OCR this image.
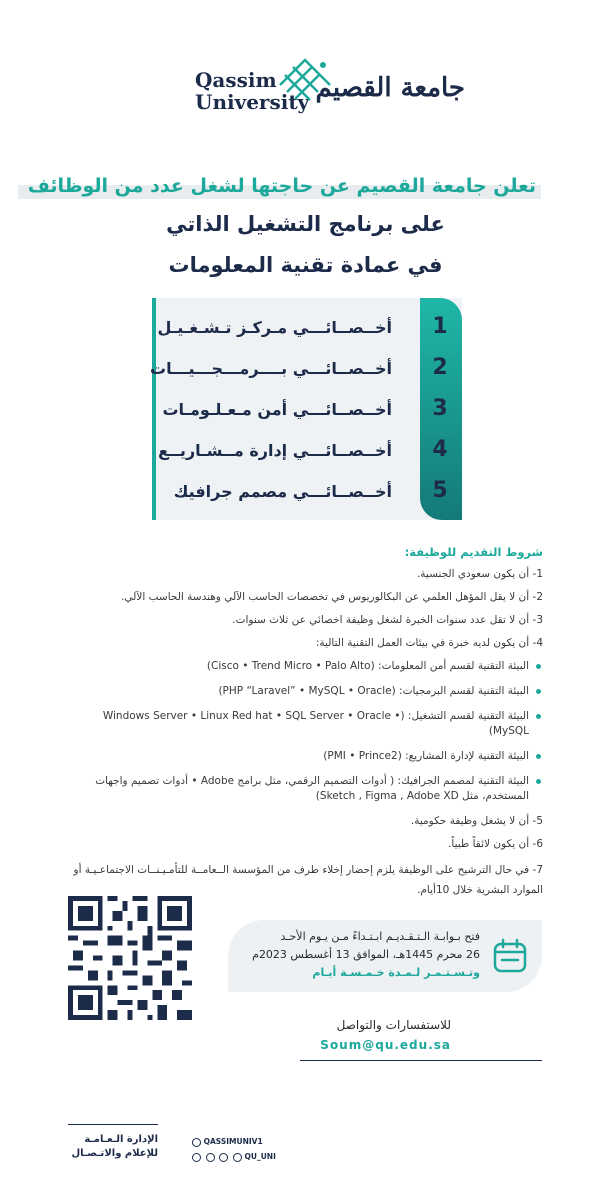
Qassim
University جامعة القصيم
تعلن جامعة القصيم عن حاجتها لشغل عدد من الوظائف
على برنامج التشغيل الذاتي
في عمادة تقنية المعلومات
1
أخــصــائـــي مـركـز تـشـغـيـل
2
أخــصــائـــي بــــرمـــجـــيـــات
3
أخــصــائـــي أمن مـعـلـومـات
4
أخــصــائـــي إدارة مــشـاريــع
5
أخــصــائـــي مصمم جرافيك
شروط التقديم للوظيفة:
1- أن يكون سعودي الجنسية.
2- أن لا يقل المؤهل العلمي عن البكالوريوس في تخصصات الحاسب الآلي وهندسة الحاسب الآلي.
3- أن لا تقل عدد سنوات الخبرة لشغل وظيفة اخصائي عن ثلاث سنوات.
4- أن يكون لديه خبرة في بيئات العمل التقنية التالية:
البيئة التقنية لقسم أمن المعلومات: (Cisco • Trend Micro • Palo Alto)
البيئة التقنية لقسم البرمجيات: (PHP “Laravel” • MySQL • Oracle)
البيئة التقنية لقسم التشغيل: (Windows Server • Linux Red hat • SQL Server • Oracle • MySQL)
البيئة التقنية لإدارة المشاريع: (PMI • Prince2)
البيئة التقنية لمصمم الجرافيك: ( أدوات التصميم الرقمي، مثل برامج Adobe • أدوات تصميم واجهات المستخدم، مثل Sketch , Figma , Adobe XD)
5- أن لا يشغل وظيفة حكومية.
6- أن يكون لائقاً طبياً.
7- في حال الترشيح على الوظيفة يلزم إحضار إخلاء طرف من المؤسسة الــعامــة للتأمـيـنــات الاجتماعـيـة أو الموارد البشرية خلال 10أيام.
فتح بـوابـة الـتـقـديـم ابـتـداءً مـن يـوم الأحـد
26 محرم 1445هـ، الموافق 13 أغسطس 2023م
وتـسـتـمـر لـمـدة خـمـسـة أيـام
للاستفسارات والتواصل
Soum@qu.edu.sa
الإدارة الـعـامـة
للإعلام والاتـصـال
QASSIMUNIV1
QU_UNI
